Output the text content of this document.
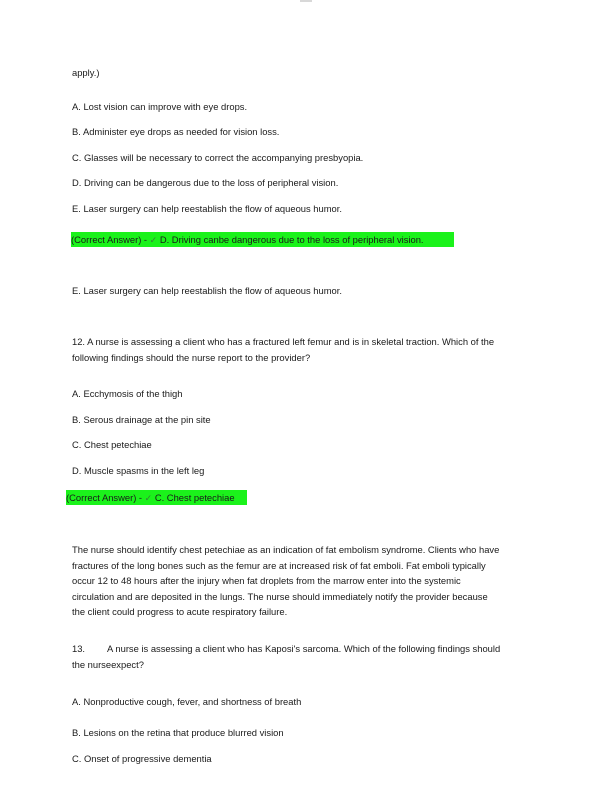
apply.)
A. Lost vision can improve with eye drops.
B. Administer eye drops as needed for vision loss.
C. Glasses will be necessary to correct the accompanying presbyopia.
D. Driving can be dangerous due to the loss of peripheral vision.
E. Laser surgery can help reestablish the flow of aqueous humor.
(Correct Answer) - ✓ D. Driving canbe dangerous due to the loss of peripheral vision.
E. Laser surgery can help reestablish the flow of aqueous humor.
12. A nurse is assessing a client who has a fractured left femur and is in skeletal traction. Which of the
following findings should the nurse report to the provider?
A. Ecchymosis of the thigh
B. Serous drainage at the pin site
C. Chest petechiae
D. Muscle spasms in the left leg
(Correct Answer) - ✓ C. Chest petechiae
The nurse should identify chest petechiae as an indication of fat embolism syndrome. Clients who have
fractures of the long bones such as the femur are at increased risk of fat emboli. Fat emboli typically
occur 12 to 48 hours after the injury when fat droplets from the marrow enter into the systemic
circulation and are deposited in the lungs. The nurse should immediately notify the provider because
the client could progress to acute respiratory failure.
13. A nurse is assessing a client who has Kaposi's sarcoma. Which of the following findings should
the nurseexpect?
A. Nonproductive cough, fever, and shortness of breath
B. Lesions on the retina that produce blurred vision
C. Onset of progressive dementia
